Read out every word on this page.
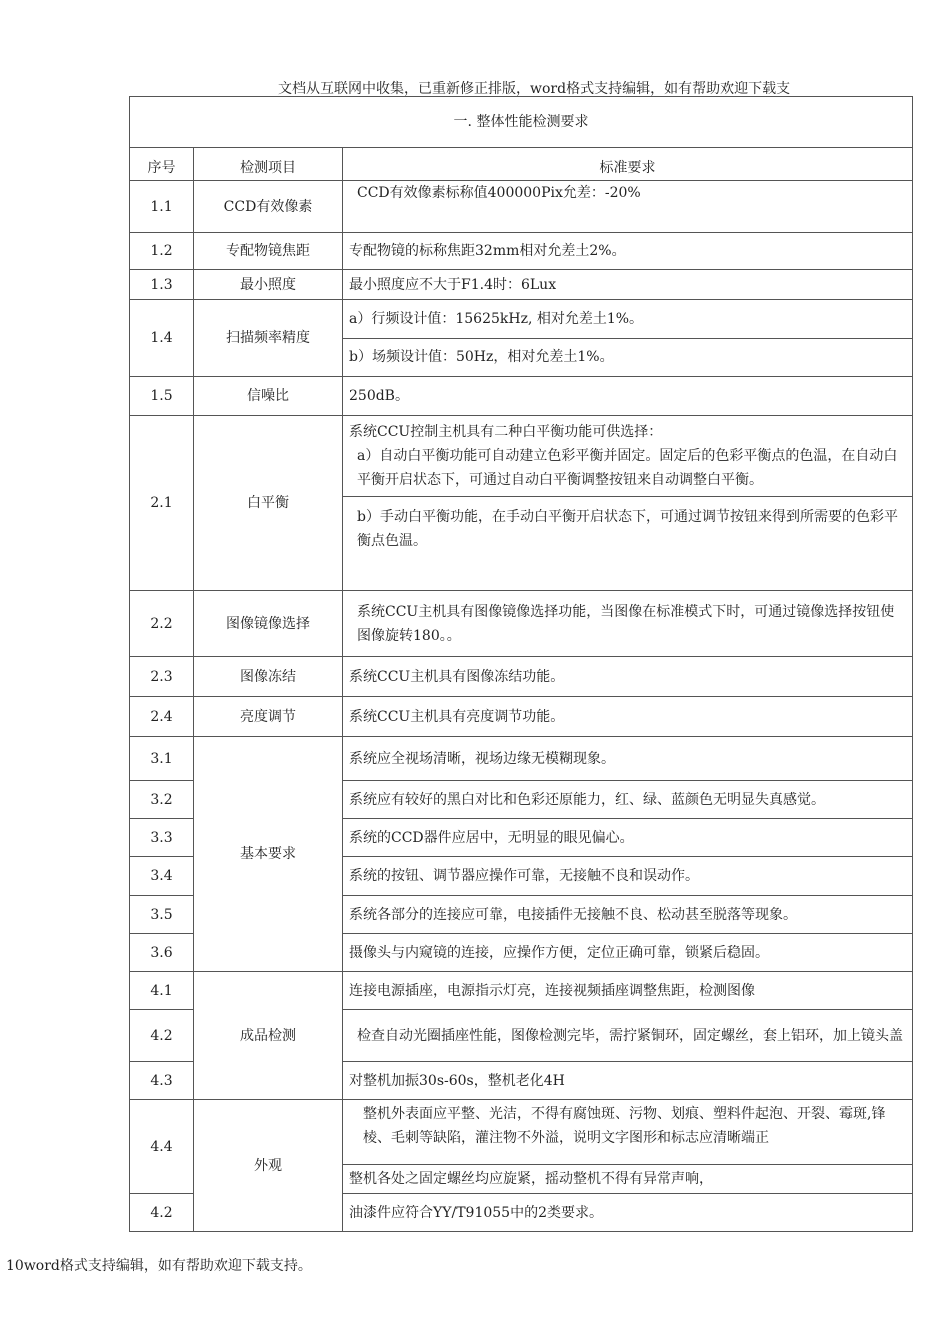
文档从互联网中收集，已重新修正排版，word格式支持编辑，如有帮助欢迎下载支
一. 整体性能检测要求		
序号	检测项目	标准要求
1.1	CCD有效像素	CCD有效像素标称值400000Pix允差：-20%
1.2	专配物镜焦距	专配物镜的标称焦距32mm相对允差土2%。
1.3	最小照度	最小照度应不大于F1.4时：6Lux
1.4	扫描频率精度	a）行频设计值：15625kHz, 相对允差土1%。
b）场频设计值：50Hz，相对允差土1%。

1.5	信噪比	250dB。
2.1	白平衡	系统CCU控制主机具有二种白平衡功能可供选择：
a）自动白平衡功能可自动建立色彩平衡并固定。固定后的色彩平衡点的色温，在自动白平衡开启状态下，可通过自动白平衡调整按钮来自动调整白平衡。
b）手动白平衡功能，在手动白平衡开启状态下，可通过调节按钮来得到所需要的色彩平衡点色温。

2.2	图像镜像选择	系统CCU主机具有图像镜像选择功能，当图像在标准模式下时，可通过镜像选择按钮使图像旋转180。。
2.3	图像冻结	系统CCU主机具有图像冻结功能。
2.4	亮度调节	系统CCU主机具有亮度调节功能。
3.1	基本要求	系统应全视场清晰，视场边缘无模糊现象。
3.2		系统应有较好的黑白对比和色彩还原能力，红、绿、蓝颜色无明显失真感觉。
3.3		系统的CCD器件应居中，无明显的眼见偏心。
3.4		系统的按钮、调节器应操作可靠，无接触不良和误动作。
3.5		系统各部分的连接应可靠，电接插件无接触不良、松动甚至脱落等现象。
3.6		摄像头与内窥镜的连接，应操作方便，定位正确可靠，锁紧后稳固。
4.1	成品检测	连接电源插座，电源指示灯亮，连接视频插座调整焦距，检测图像
4.2		检查自动光圈插座性能，图像检测完毕，需拧紧铜环，固定螺丝，套上铝环，加上镜头盖
4.3		对整机加振30s-60s，整机老化4H
4.4	外观	整机外表面应平整、光洁，不得有腐蚀斑、污物、划痕、塑料件起泡、开裂、霉斑,锋棱、毛刺等缺陷，灌注物不外溢，说明文字图形和标志应清晰端正
整机各处之固定螺丝均应旋紧，摇动整机不得有异常声响，

4.2		油漆件应符合YY/T91055中的2类要求。
10word格式支持编辑，如有帮助欢迎下载支持。
